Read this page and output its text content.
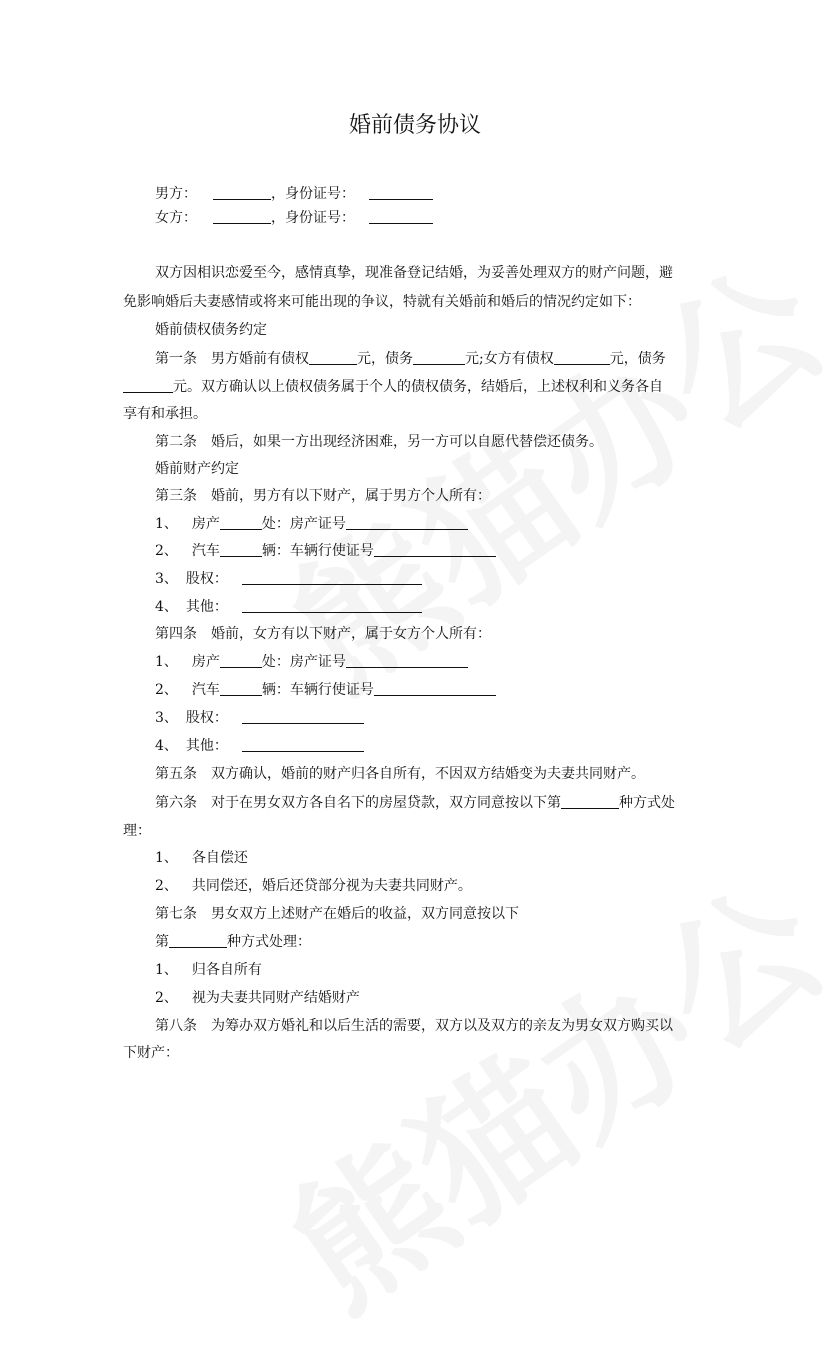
婚前债务协议
男方：	，身份证号：
女方：	，身份证号：
双方因相识恋爱至今，感情真挚，现准备登记结婚，为妥善处理双方的财产问题，避
免影响婚后夫妻感情或将来可能出现的争议，特就有关婚前和婚后的情况约定如下：
婚前债权债务约定
第一条 男方婚前有债权	元，债务	元;女方有债权	元，债务
元。双方确认以上债权债务属于个人的债权债务，结婚后，上述权利和义务各自
享有和承担。
第二条 婚后，如果一方出现经济困难，另一方可以自愿代替偿还债务。
婚前财产约定
第三条 婚前，男方有以下财产，属于男方个人所有：
1、 房产	处：房产证号
2、 汽车	辆：车辆行使证号
3、 股权：
4、 其他：
第四条 婚前，女方有以下财产，属于女方个人所有：
1、 房产	处：房产证号
2、 汽车	辆：车辆行使证号
3、 股权：
4、 其他：
第五条 双方确认，婚前的财产归各自所有，不因双方结婚变为夫妻共同财产。
第六条 对于在男女双方各自名下的房屋贷款，双方同意按以下第	种方式处
理：
1、 各自偿还
2、 共同偿还，婚后还贷部分视为夫妻共同财产。
第七条 男女双方上述财产在婚后的收益，双方同意按以下
第	种方式处理：
1、 归各自所有
2、 视为夫妻共同财产结婚财产
第八条 为筹办双方婚礼和以后生活的需要，双方以及双方的亲友为男女双方购买以
下财产：
